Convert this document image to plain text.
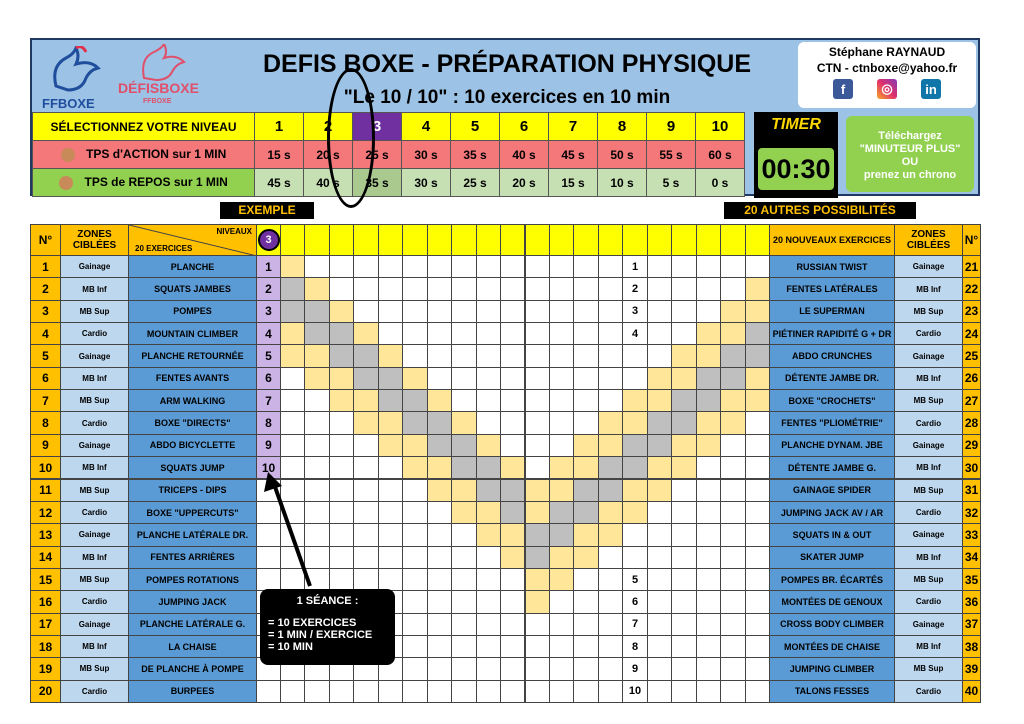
FFBOXE
DÉFISBOXE
FFBOXE
DEFIS BOXE - PRÉPARATION PHYSIQUE
"Le 10 / 10" : 10 exercices en 10 min
Stéphane RAYNAUD
CTN - ctnboxe@yahoo.fr
f	◎	in
SÉLECTIONNEZ VOTRE NIVEAU	1	2	3	4	5	6	7	8	9	10
TPS d'ACTION sur 1 MIN	15 s	20 s	25 s	30 s	35 s	40 s	45 s	50 s	55 s	60 s
TPS de REPOS sur 1 MIN	45 s	40 s	35 s	30 s	25 s	20 s	15 s	10 s	5 s	0 s
TIMER
00:30
Téléchargez
"MINUTEUR PLUS"
OU
prenez un chrono
EXEMPLE	20 AUTRES POSSIBILITÉS
N°	ZONES CIBLÉES
NIVEAUX
20 EXERCICES
3	20 NOUVEAUX EXERCICES	ZONES CIBLÉES	N°
1	Gainage	PLANCHE	1	1	RUSSIAN TWIST	Gainage	21
2	MB Inf	SQUATS JAMBES	2	2	FENTES LATÉRALES	MB Inf	22
3	MB Sup	POMPES	3	3	LE SUPERMAN	MB Sup	23
4	Cardio	MOUNTAIN CLIMBER	4	4	PIÉTINER RAPIDITÉ G + DR	Cardio	24
5	Gainage	PLANCHE RETOURNÉE	5	ABDO CRUNCHES	Gainage	25
6	MB Inf	FENTES AVANTS	6	DÉTENTE JAMBE DR.	MB Inf	26
7	MB Sup	ARM WALKING	7	BOXE "CROCHETS"	MB Sup	27
8	Cardio	BOXE "DIRECTS"	8	FENTES "PLIOMÉTRIE"	Cardio	28
9	Gainage	ABDO BICYCLETTE	9	PLANCHE DYNAM. JBE	Gainage	29
10	MB Inf	SQUATS JUMP	10	DÉTENTE JAMBE G.	MB Inf	30
11	MB Sup	TRICEPS - DIPS	GAINAGE SPIDER	MB Sup	31
12	Cardio	BOXE "UPPERCUTS"	JUMPING JACK AV / AR	Cardio	32
13	Gainage	PLANCHE LATÉRALE DR.	SQUATS IN & OUT	Gainage	33
14	MB Inf	FENTES ARRIÈRES	SKATER JUMP	MB Inf	34
15	MB Sup	POMPES ROTATIONS	5	POMPES BR. ÉCARTÉS	MB Sup	35
16	Cardio	JUMPING JACK	6	MONTÉES DE GENOUX	Cardio	36
17	Gainage	PLANCHE LATÉRALE G.	7	CROSS BODY CLIMBER	Gainage	37
18	MB Inf	LA CHAISE	8	MONTÉES DE CHAISE	MB Inf	38
19	MB Sup	DE PLANCHE À POMPE	9	JUMPING CLIMBER	MB Sup	39
20	Cardio	BURPEES	10	TALONS FESSES	Cardio	40
1 SÉANCE :
= 10 EXERCICES
= 1 MIN / EXERCICE
= 10 MIN
